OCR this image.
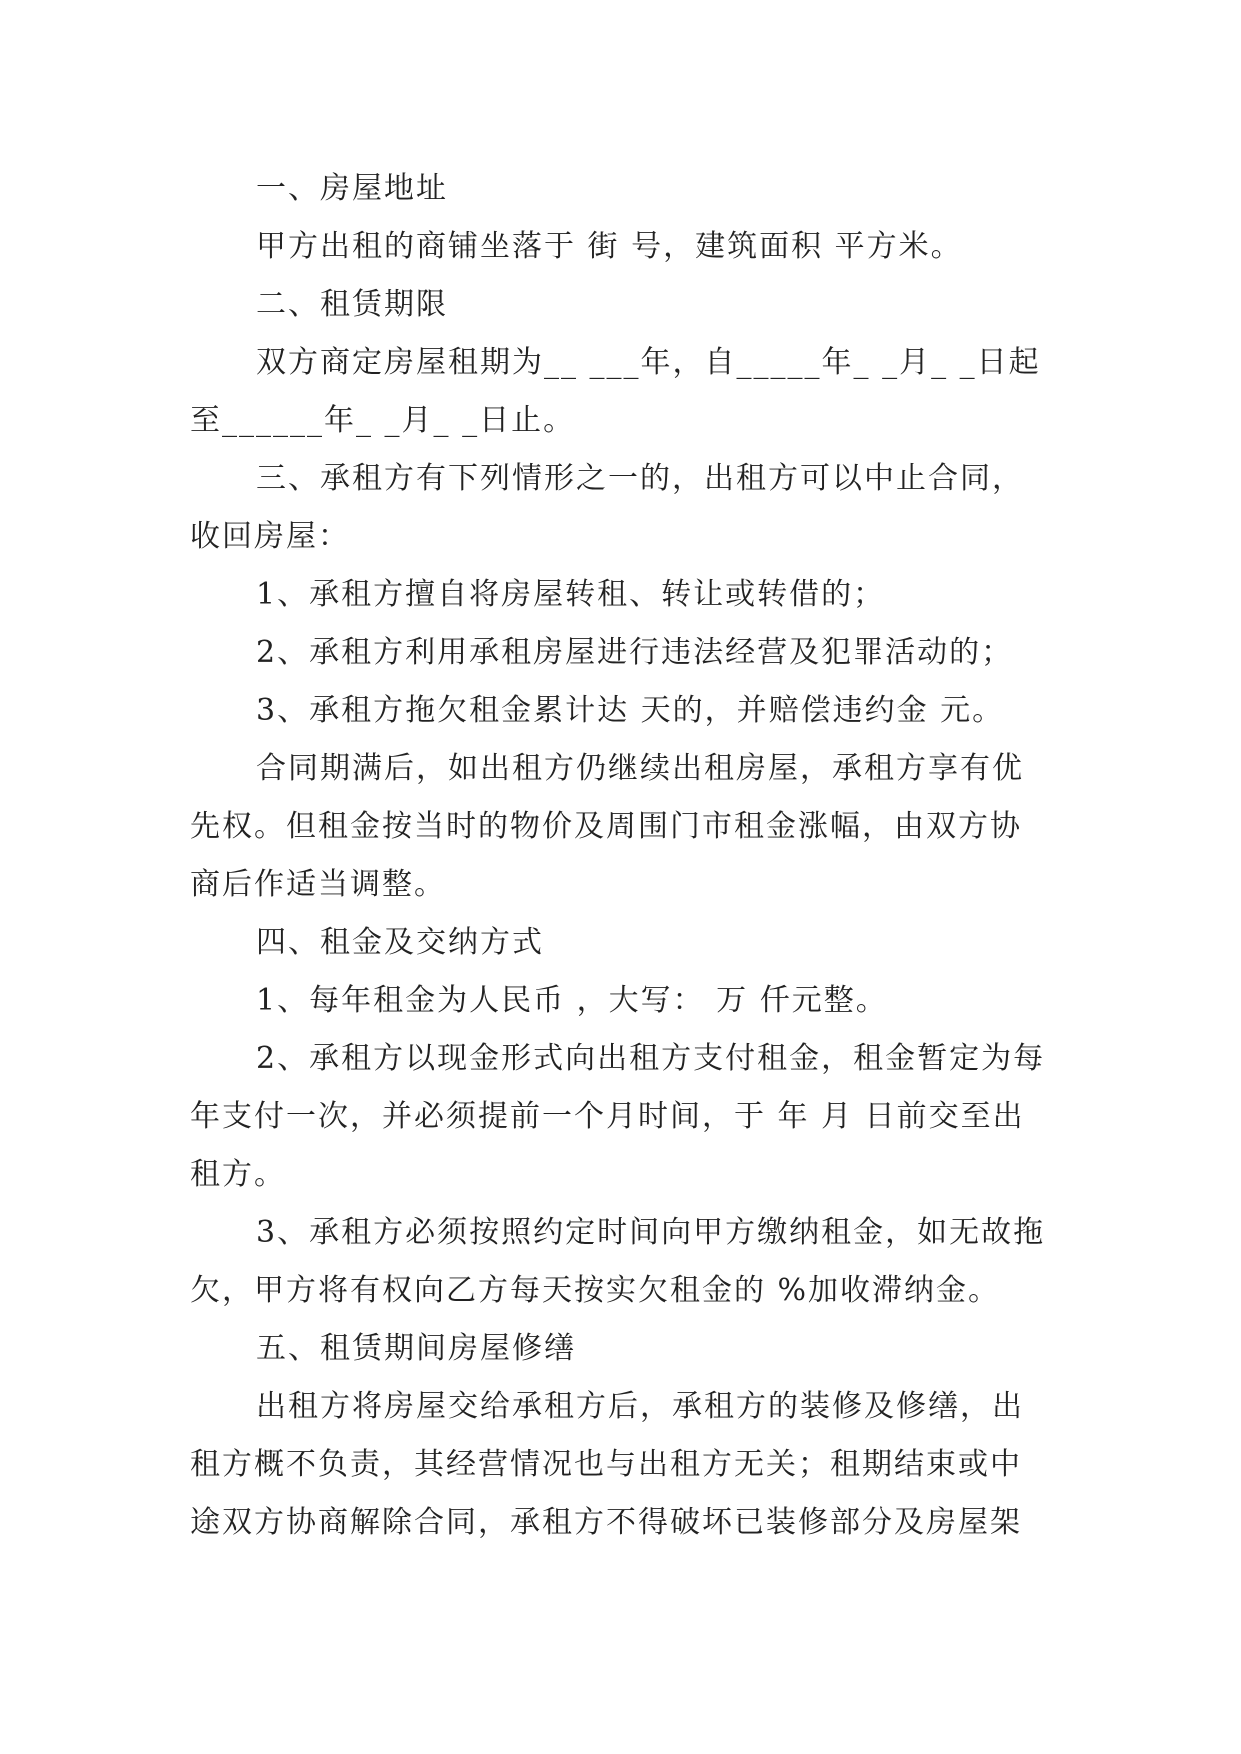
一、房屋地址

甲方出租的商铺坐落于 街 号，建筑面积 平方米。

二、租赁期限

双方商定房屋租期为__ ___年，自_____年_ _月_ _日起至______年_ _月_ _日止。

三、承租方有下列情形之一的，出租方可以中止合同，收回房屋：

1、承租方擅自将房屋转租、转让或转借的；

2、承租方利用承租房屋进行违法经营及犯罪活动的；

3、承租方拖欠租金累计达 天的，并赔偿违约金 元。

合同期满后，如出租方仍继续出租房屋，承租方享有优先权。但租金按当时的物价及周围门市租金涨幅，由双方协商后作适当调整。

四、租金及交纳方式

1、每年租金为人民币 ，大写： 万 仟元整。

2、承租方以现金形式向出租方支付租金，租金暂定为每年支付一次，并必须提前一个月时间，于 年 月 日前交至出租方。

3、承租方必须按照约定时间向甲方缴纳租金，如无故拖欠，甲方将有权向乙方每天按实欠租金的 %加收滞纳金。

五、租赁期间房屋修缮

出租方将房屋交给承租方后，承租方的装修及修缮，出租方概不负责，其经营情况也与出租方无关；租期结束或中途双方协商解除合同，承租方不得破坏已装修部分及房屋架
